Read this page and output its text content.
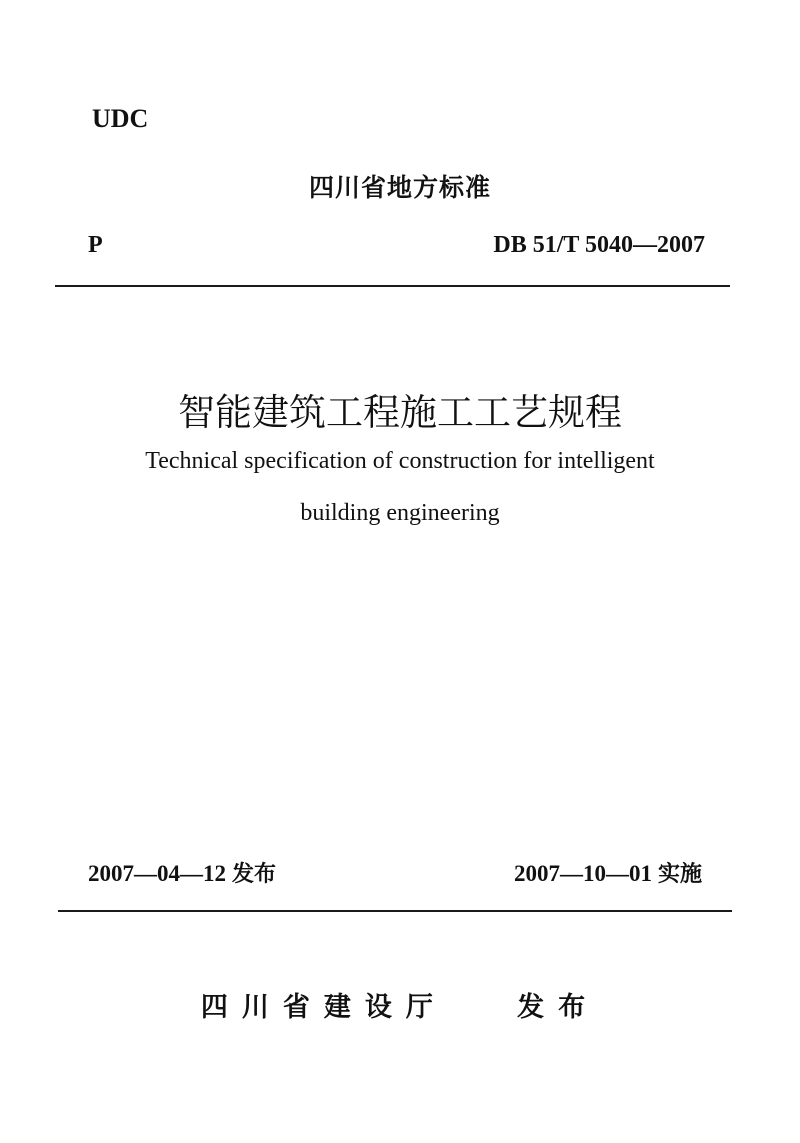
UDC
四川省地方标准
P	DB 51/T 5040—2007
智能建筑工程施工工艺规程
Technical specification of construction for intelligent
building engineering
2007—04—12 发布	2007—10—01 实施
四川省建设厅	发布
